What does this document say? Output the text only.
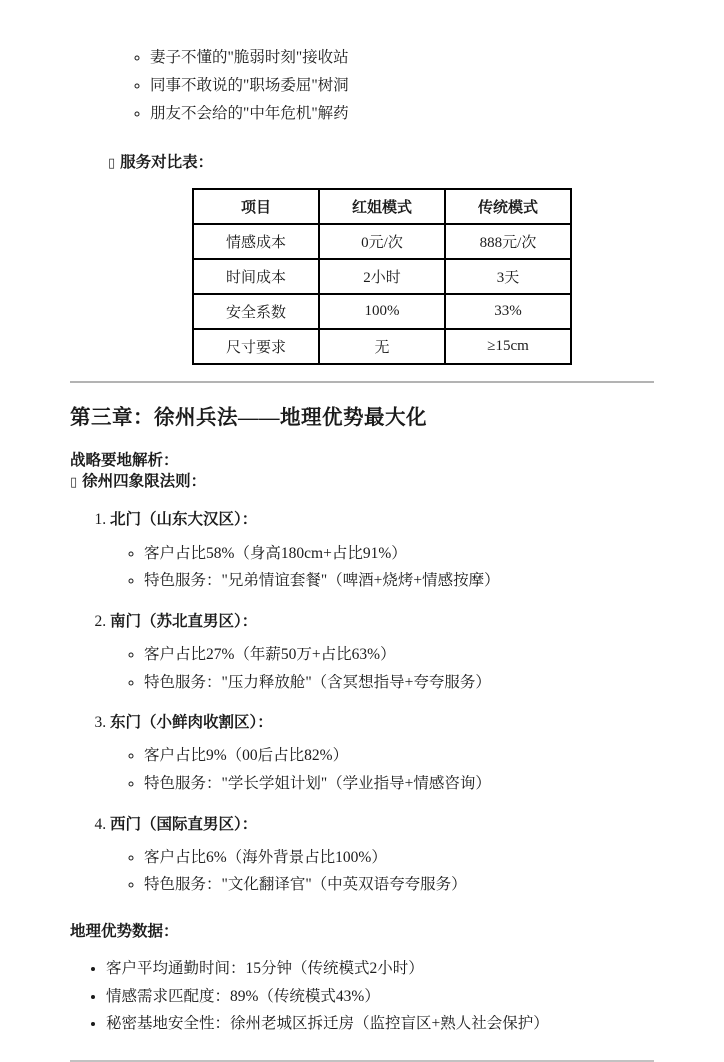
◦ 妻子不懂的"脆弱时刻"接收站
◦ 同事不敢说的"职场委屈"树洞
◦ 朋友不会给的"中年危机"解药

▯ 服务对比表：

项目	红姐模式	传统模式
情感成本	0元/次	888元/次
时间成本	2小时	3天
安全系数	100%	33%
尺寸要求	无	≥15cm
第三章：徐州兵法——地理优势最大化

战略要地解析：
▯ 徐州四象限法则：

1. 北门（山东大汉区）：
◦ 客户占比58%（身高180cm+占比91%）
◦ 特色服务："兄弟情谊套餐"（啤酒+烧烤+情感按摩）
2. 南门（苏北直男区）：
◦ 客户占比27%（年薪50万+占比63%）
◦ 特色服务："压力释放舱"（含冥想指导+夸夸服务）
3. 东门（小鲜肉收割区）：
◦ 客户占比9%（00后占比82%）
◦ 特色服务："学长学姐计划"（学业指导+情感咨询）
4. 西门（国际直男区）：
◦ 客户占比6%（海外背景占比100%）
◦ 特色服务："文化翻译官"（中英双语夸夸服务）

地理优势数据：

• 客户平均通勤时间：15分钟（传统模式2小时）
• 情感需求匹配度：89%（传统模式43%）
• 秘密基地安全性：徐州老城区拆迁房（监控盲区+熟人社会保护）
